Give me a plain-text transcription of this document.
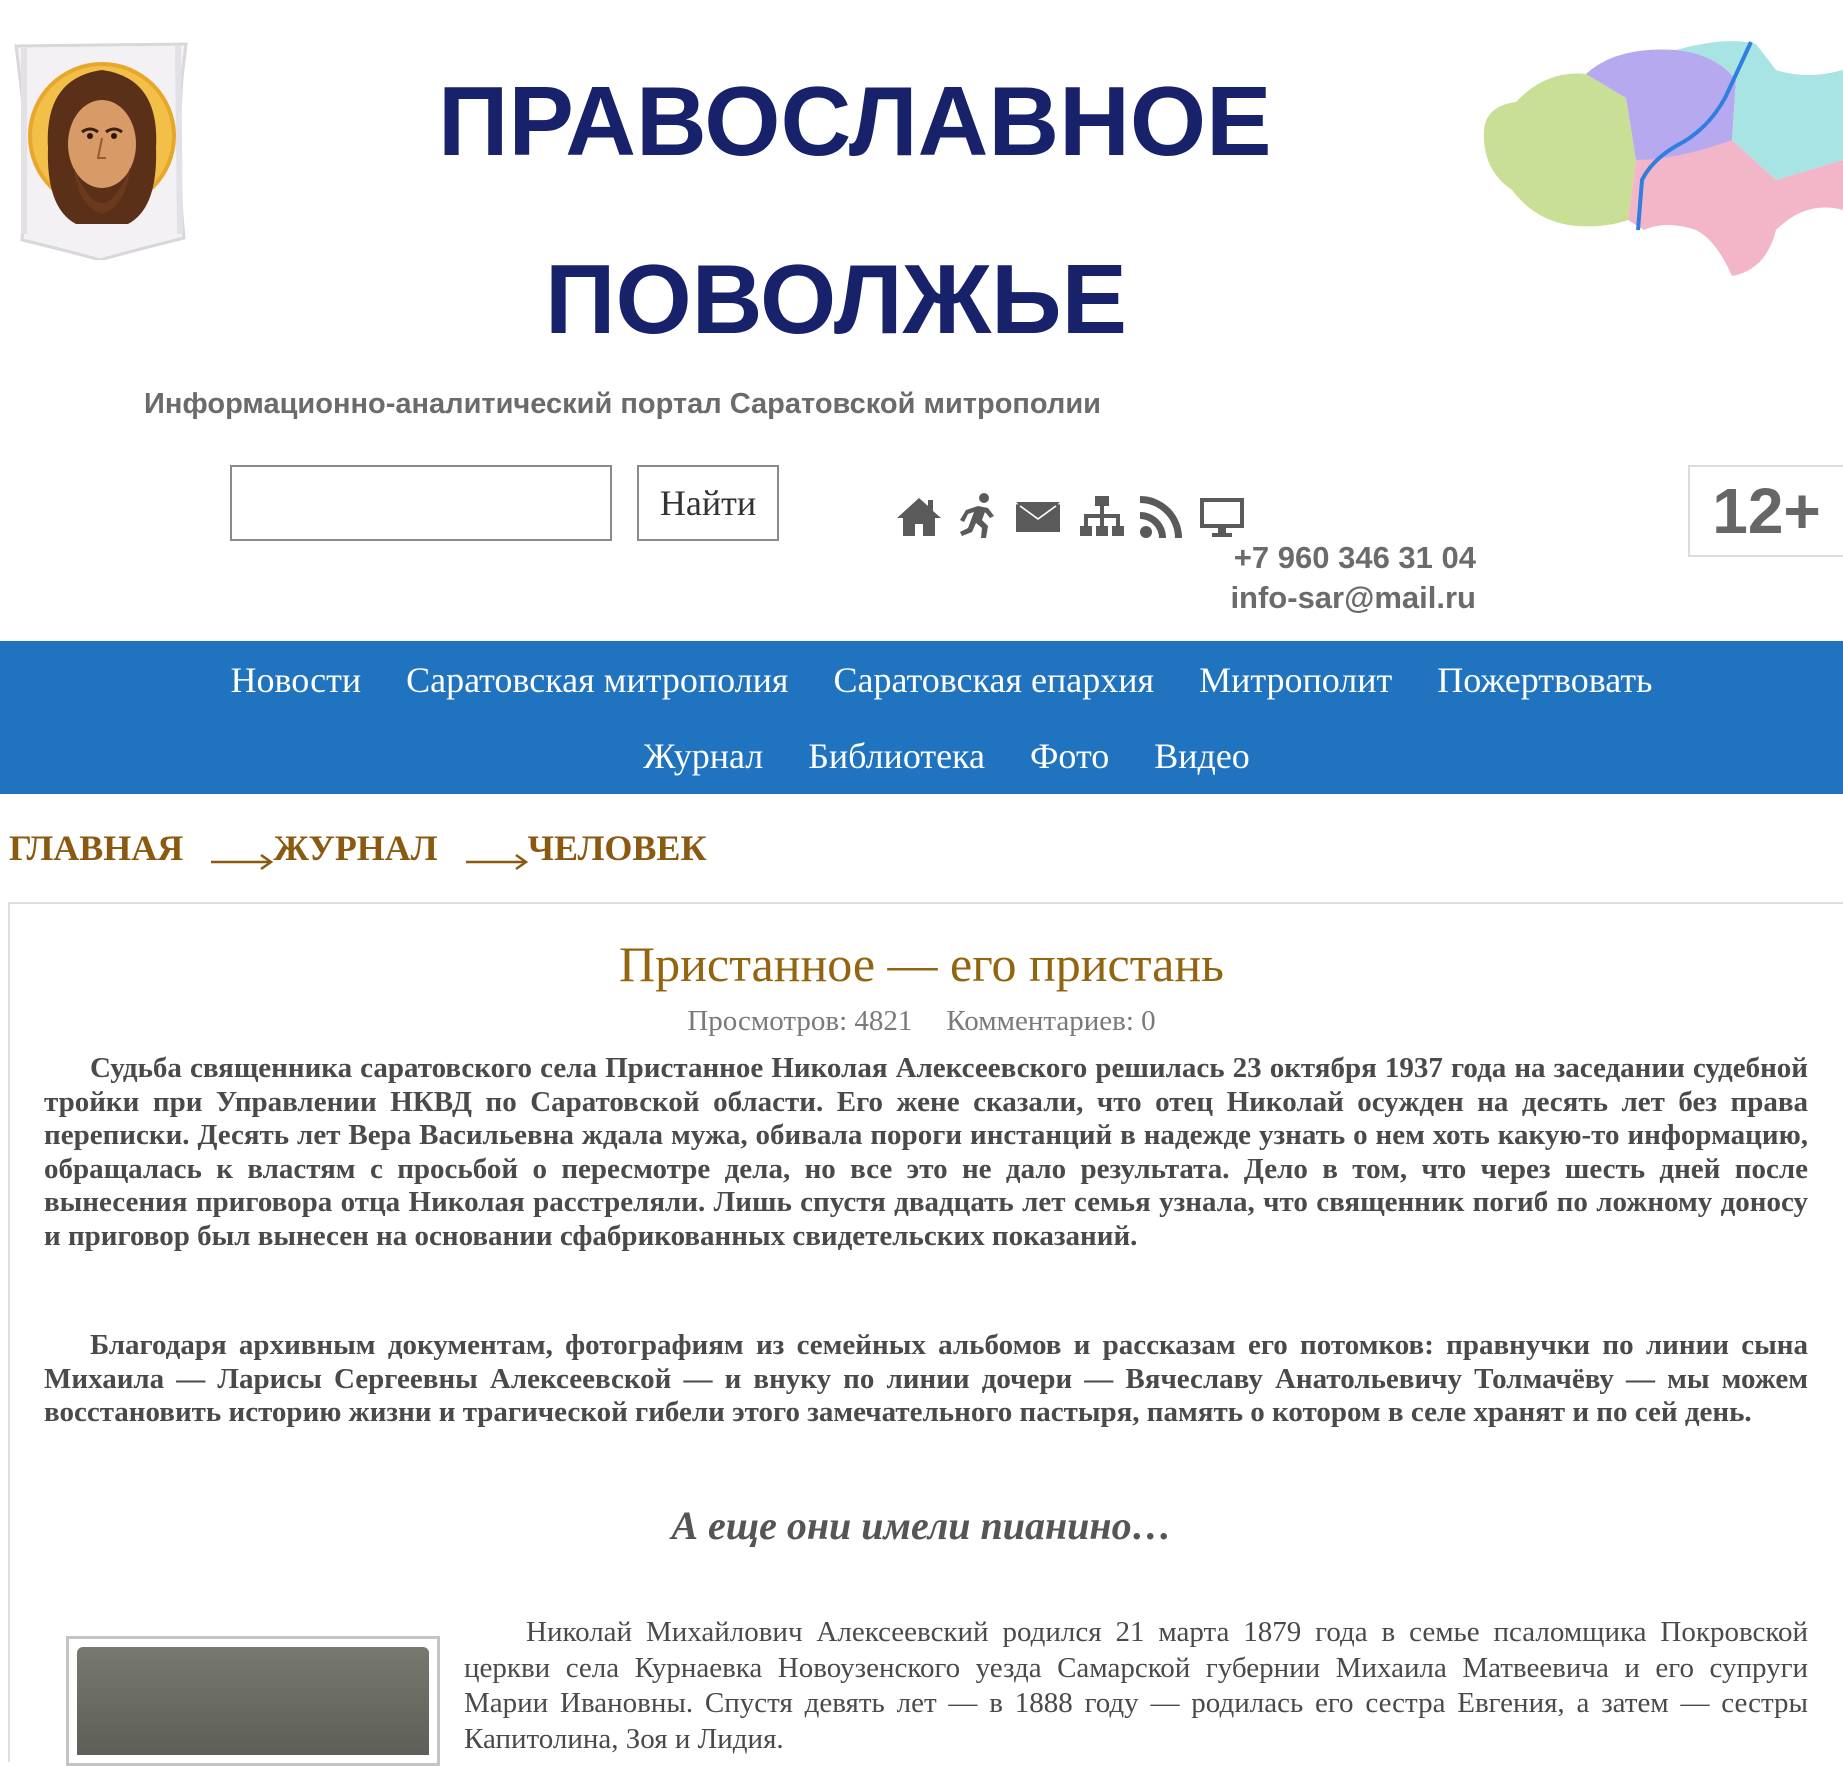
ПРАВОСЛАВНОЕ
ПОВОЛЖЬЕ
Информационно-аналитический портал Саратовской митрополии
Найти
+7 960 346 31 04
info-sar@mail.ru
12+
Новости Саратовская митрополия Саратовская епархия Митрополит Пожертвовать
Журнал Библиотека Фото Видео
ГЛАВНАЯ	ЖУРНАЛ	ЧЕЛОВЕК
Пристанное — его пристань
Просмотров: 4821 Комментариев: 0

Судьба священника саратовского села Пристанное Николая Алексеевского решилась 23 октября 1937 года на заседании судебной тройки при Управлении НКВД по Саратовской области. Его жене сказали, что отец Николай осужден на десять лет без права переписки. Десять лет Вера Васильевна ждала мужа, обивала пороги инстанций в надежде узнать о нем хоть какую-то информацию, обращалась к властям с просьбой о пересмотре дела, но все это не дало результата. Дело в том, что через шесть дней после вынесения приговора отца Николая расстреляли. Лишь спустя двадцать лет семья узнала, что священник погиб по ложному доносу и приговор был вынесен на основании сфабрикованных свидетельских показаний.

Благодаря архивным документам, фотографиям из семейных альбомов и рассказам его потомков: правнучки по линии сына Михаила — Ларисы Сергеевны Алексеевской — и внуку по линии дочери — Вячеславу Анатольевичу Толмачёву — мы можем восстановить историю жизни и трагической гибели этого замечательного пастыря, память о котором в селе хранят и по сей день.

А еще они имели пианино…

Николай Михайлович Алексеевский родился 21 марта 1879 года в семье псаломщика Покровской церкви села Курнаевка Новоузенского уезда Самарской губернии Михаила Матвеевича и его супруги Марии Ивановны. Спустя девять лет — в 1888 году — родилась его сестра Евгения, а затем — сестры Капитолина, Зоя и Лидия.
